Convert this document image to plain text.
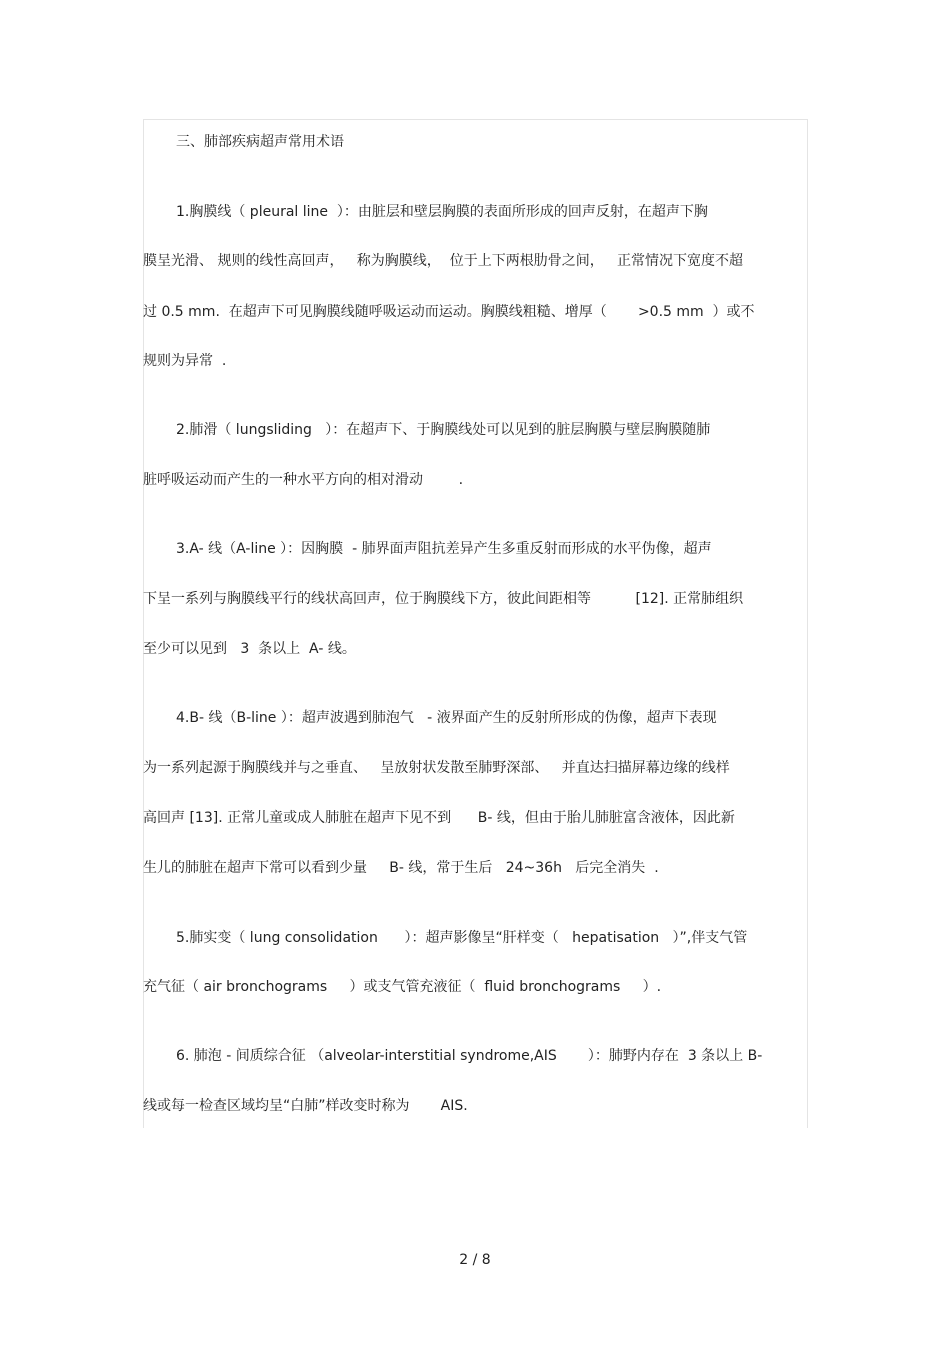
三、肺部疾病超声常用术语

1.胸膜线（ pleural line  ）：由脏层和壁层胸膜的表面所形成的回声反射，在超声下胸

膜呈光滑、 规则的线性高回声，   称为胸膜线，  位于上下两根肋骨之间，   正常情况下宽度不超

过 0.5 mm.  在超声下可见胸膜线随呼吸运动而运动。胸膜线粗糙、增厚（       >0.5 mm  ）或不

规则为异常  .

2.肺滑（ lungsliding   ）：在超声下、于胸膜线处可以见到的脏层胸膜与壁层胸膜随肺

脏呼吸运动而产生的一种水平方向的相对滑动        .

3.A- 线（A-line ）：因胸膜  - 肺界面声阻抗差异产生多重反射而形成的水平伪像，超声

下呈一系列与胸膜线平行的线状高回声，位于胸膜线下方，彼此间距相等          [12]. 正常肺组织

至少可以见到   3  条以上  A- 线。

4.B- 线（B-line ）：超声波遇到肺泡气   - 液界面产生的反射所形成的伪像，超声下表现

为一系列起源于胸膜线并与之垂直、   呈放射状发散至肺野深部、   并直达扫描屏幕边缘的线样

高回声 [13]. 正常儿童或成人肺脏在超声下见不到      B- 线，但由于胎儿肺脏富含液体，因此新

生儿的肺脏在超声下常可以看到少量     B- 线，常于生后   24~36h   后完全消失  .

5.肺实变（ lung consolidation      ）：超声影像呈“肝样变（   hepatisation   ）”,伴支气管

充气征（ air bronchograms     ）或支气管充液征（  fluid bronchograms     ）.

6. 肺泡 - 间质综合征 （alveolar-interstitial syndrome,AIS       ）：肺野内存在  3 条以上 B-

线或每一检查区域均呈“白肺”样改变时称为       AIS.

2 / 8
